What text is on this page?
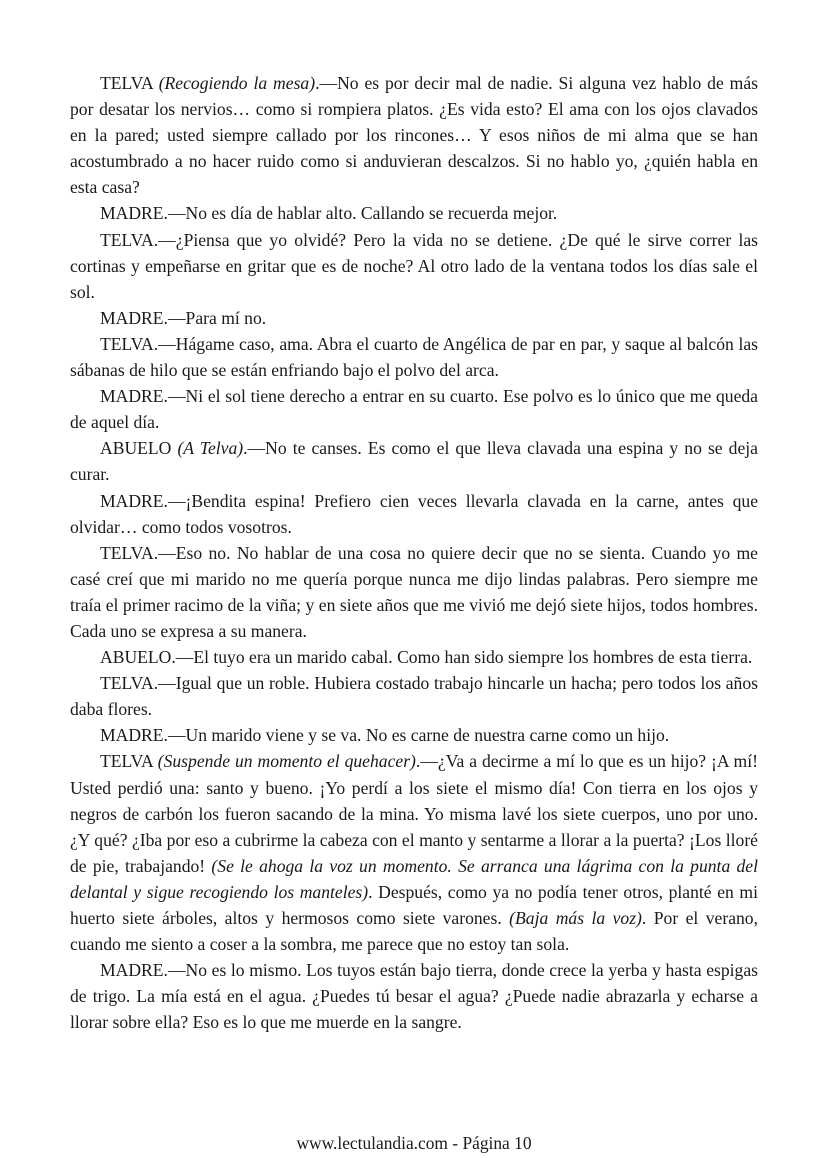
TELVA (Recogiendo la mesa).—No es por decir mal de nadie. Si alguna vez hablo de más por desatar los nervios… como si rompiera platos. ¿Es vida esto? El ama con los ojos clavados en la pared; usted siempre callado por los rincones… Y esos niños de mi alma que se han acostumbrado a no hacer ruido como si anduvieran descalzos. Si no hablo yo, ¿quién habla en esta casa?

MADRE.—No es día de hablar alto. Callando se recuerda mejor.

TELVA.—¿Piensa que yo olvidé? Pero la vida no se detiene. ¿De qué le sirve correr las cortinas y empeñarse en gritar que es de noche? Al otro lado de la ventana todos los días sale el sol.

MADRE.—Para mí no.

TELVA.—Hágame caso, ama. Abra el cuarto de Angélica de par en par, y saque al balcón las sábanas de hilo que se están enfriando bajo el polvo del arca.

MADRE.—Ni el sol tiene derecho a entrar en su cuarto. Ese polvo es lo único que me queda de aquel día.

ABUELO (A Telva).—No te canses. Es como el que lleva clavada una espina y no se deja curar.

MADRE.—¡Bendita espina! Prefiero cien veces llevarla clavada en la carne, antes que olvidar… como todos vosotros.

TELVA.—Eso no. No hablar de una cosa no quiere decir que no se sienta. Cuando yo me casé creí que mi marido no me quería porque nunca me dijo lindas palabras. Pero siempre me traía el primer racimo de la viña; y en siete años que me vivió me dejó siete hijos, todos hombres. Cada uno se expresa a su manera.

ABUELO.—El tuyo era un marido cabal. Como han sido siempre los hombres de esta tierra.

TELVA.—Igual que un roble. Hubiera costado trabajo hincarle un hacha; pero todos los años daba flores.

MADRE.—Un marido viene y se va. No es carne de nuestra carne como un hijo.

TELVA (Suspende un momento el quehacer).—¿Va a decirme a mí lo que es un hijo? ¡A mí! Usted perdió una: santo y bueno. ¡Yo perdí a los siete el mismo día! Con tierra en los ojos y negros de carbón los fueron sacando de la mina. Yo misma lavé los siete cuerpos, uno por uno. ¿Y qué? ¿Iba por eso a cubrirme la cabeza con el manto y sentarme a llorar a la puerta? ¡Los lloré de pie, trabajando! (Se le ahoga la voz un momento. Se arranca una lágrima con la punta del delantal y sigue recogiendo los manteles). Después, como ya no podía tener otros, planté en mi huerto siete árboles, altos y hermosos como siete varones. (Baja más la voz). Por el verano, cuando me siento a coser a la sombra, me parece que no estoy tan sola.

MADRE.—No es lo mismo. Los tuyos están bajo tierra, donde crece la yerba y hasta espigas de trigo. La mía está en el agua. ¿Puedes tú besar el agua? ¿Puede nadie abrazarla y echarse a llorar sobre ella? Eso es lo que me muerde en la sangre.

www.lectulandia.com - Página 10
